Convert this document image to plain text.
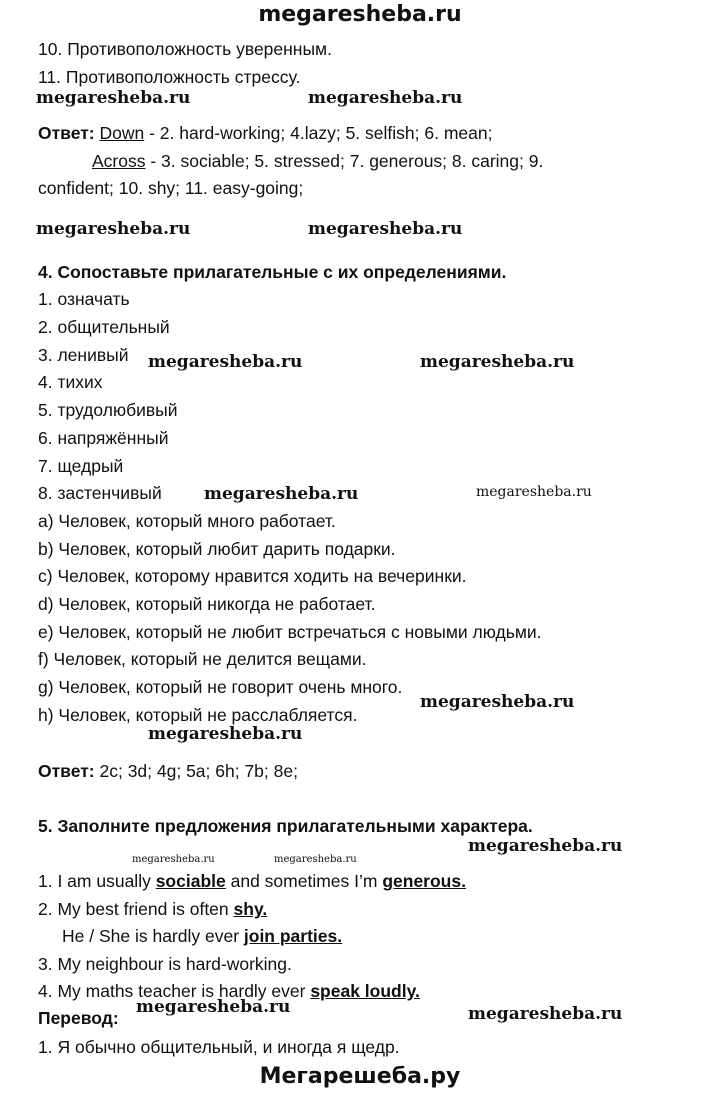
megaresheba.ru
10. Противоположность уверенным.
11. Противоположность стрессу.
Ответ: Down - 2. hard-working; 4.lazy; 5. selfish; 6. mean;
Across - 3. sociable; 5. stressed; 7. generous; 8. caring; 9.
confident; 10. shy; 11. easy-going;
4. Сопоставьте прилагательные с их определениями.
1. означать
2. общительный
3. ленивый
4. тихих
5. трудолюбивый
6. напряжённый
7. щедрый
8. застенчивый
a) Человек, который много работает.
b) Человек, который любит дарить подарки.
c) Человек, которому нравится ходить на вечеринки.
d) Человек, который никогда не работает.
e) Человек, который не любит встречаться с новыми людьми.
f) Человек, который не делится вещами.
g) Человек, который не говорит очень много.
h) Человек, который не расслабляется.
Ответ: 2c; 3d; 4g; 5a; 6h; 7b; 8e;
5. Заполните предложения прилагательными характера.
1. I am usually sociable and sometimes I’m generous.
2. My best friend is often shy.
He / She is hardly ever join parties.
3. My neighbour is hard-working.
4. My maths teacher is hardly ever speak loudly.
Перевод:
1. Я обычно общительный, и иногда я щедр.
megaresheba.ru	megaresheba.ru
megaresheba.ru	megaresheba.ru
megaresheba.ru	megaresheba.ru
megaresheba.ru	megaresheba.ru
megaresheba.ru
megaresheba.ru
megaresheba.ru
megaresheba.ru	megaresheba.ru
megaresheba.ru	megaresheba.ru
Мегарешеба.ру
